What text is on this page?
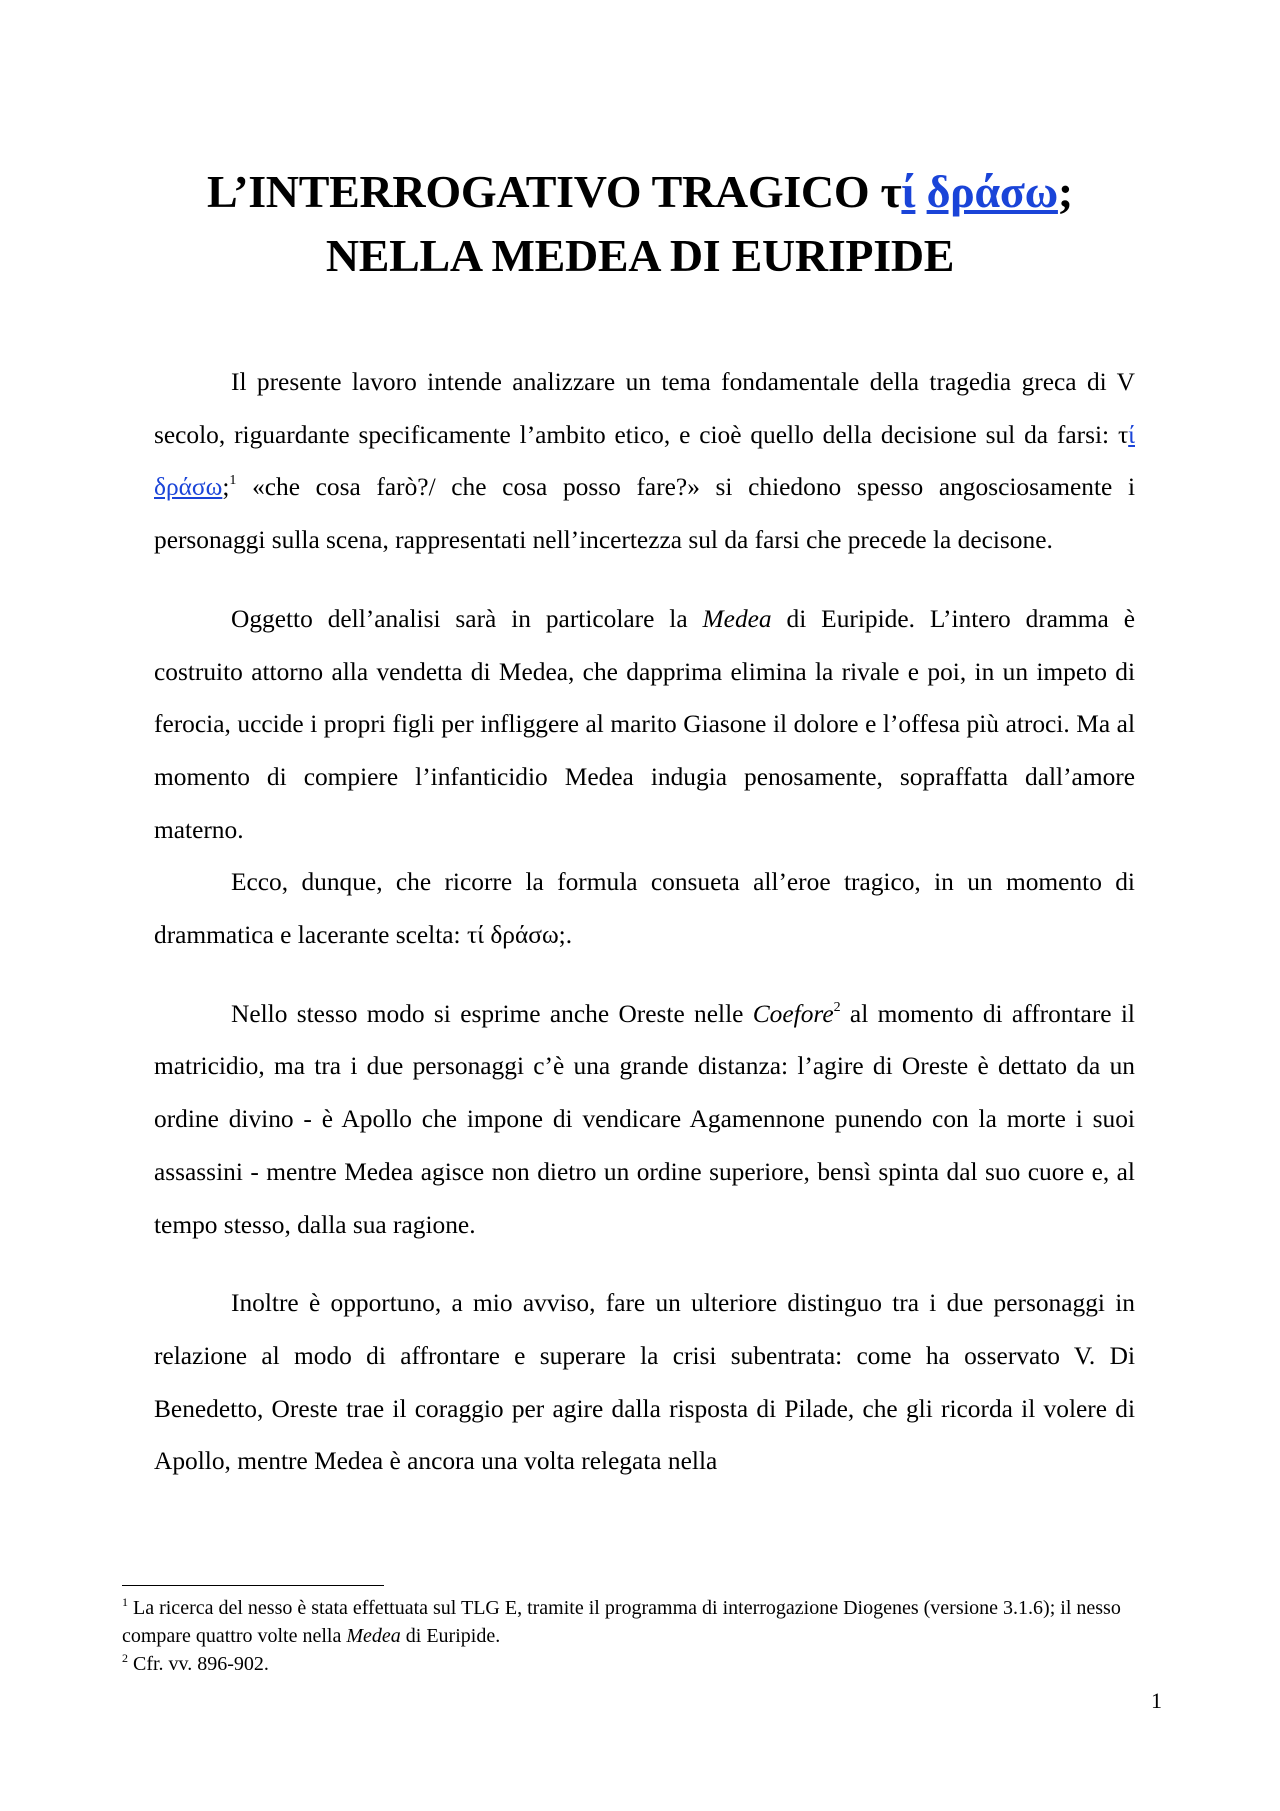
L’INTERROGATIVO TRAGICO τί δράσω;
NELLA MEDEA DI EURIPIDE

Il presente lavoro intende analizzare un tema fondamentale della tragedia greca di V secolo, riguardante specificamente l’ambito etico, e cioè quello della decisione sul da farsi: τί δράσω;$^1$ «che cosa farò?/ che cosa posso fare?» si chiedono spesso angosciosamente i personaggi sulla scena, rappresentati nell’incertezza sul da farsi che precede la decisone.

Oggetto dell’analisi sarà in particolare la Medea di Euripide. L’intero dramma è costruito attorno alla vendetta di Medea, che dapprima elimina la rivale e poi, in un impeto di ferocia, uccide i propri figli per infliggere al marito Giasone il dolore e l’offesa più atroci. Ma al momento di compiere l’infanticidio Medea indugia penosamente, sopraffatta dall’amore materno.

Ecco, dunque, che ricorre la formula consueta all’eroe tragico, in un momento di drammatica e lacerante scelta: τί δράσω;.

Nello stesso modo si esprime anche Oreste nelle Coefore$^2$ al momento di affrontare il matricidio, ma tra i due personaggi c’è una grande distanza: l’agire di Oreste è dettato da un ordine divino - è Apollo che impone di vendicare Agamennone punendo con la morte i suoi assassini - mentre Medea agisce non dietro un ordine superiore, bensì spinta dal suo cuore e, al tempo stesso, dalla sua ragione.

Inoltre è opportuno, a mio avviso, fare un ulteriore distinguo tra i due personaggi in relazione al modo di affrontare e superare la crisi subentrata: come ha osservato V. Di Benedetto, Oreste trae il coraggio per agire dalla risposta di Pilade, che gli ricorda il volere di Apollo, mentre Medea è ancora una volta relegata nella

$^1$ La ricerca del nesso è stata effettuata sul TLG E, tramite il programma di interrogazione Diogenes (versione 3.1.6); il nesso compare quattro volte nella Medea di Euripide.

$^2$ Cfr. vv. 896-902.

1
